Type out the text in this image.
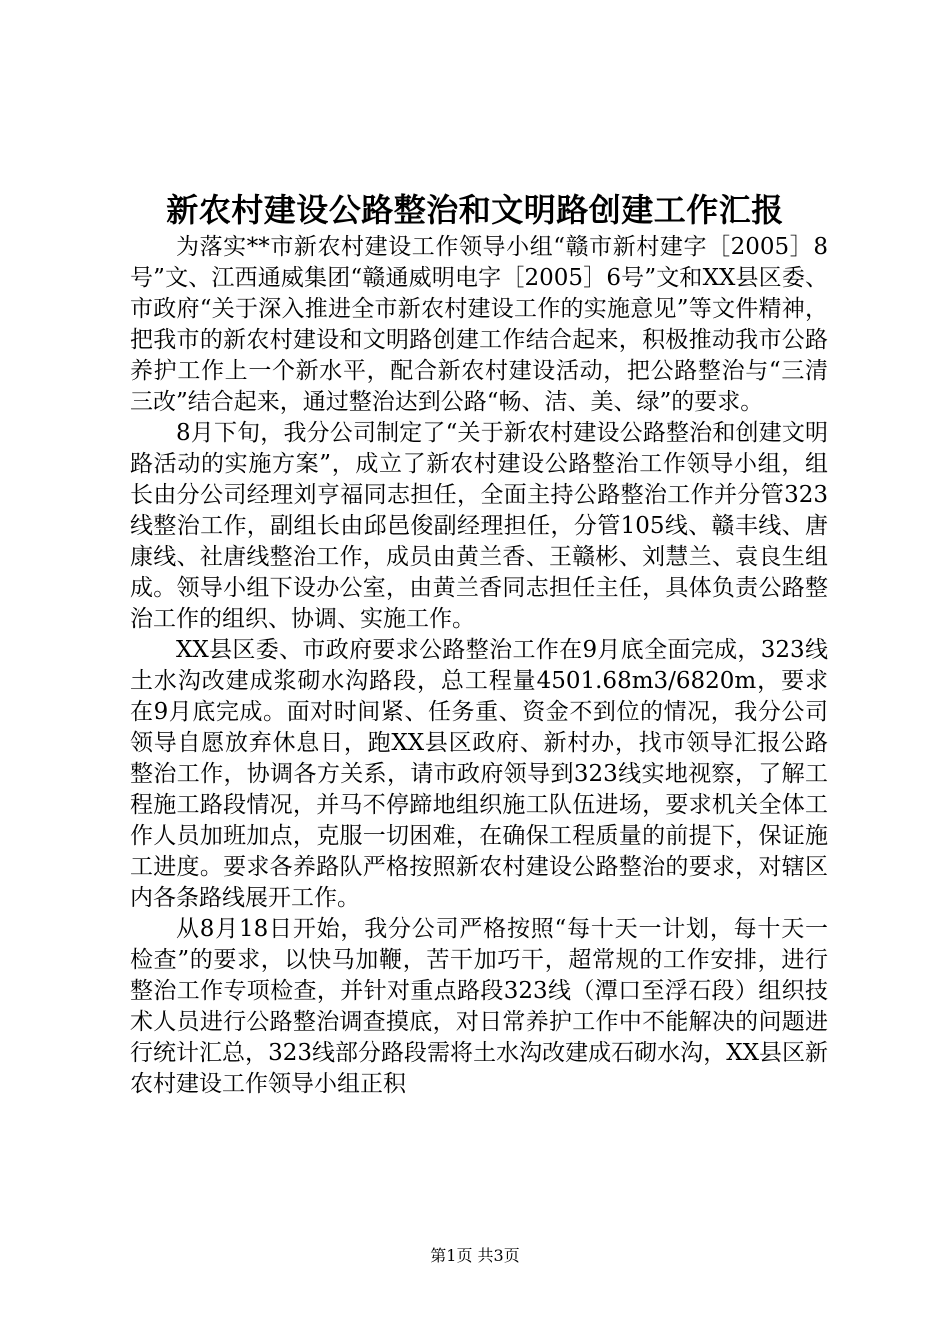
新农村建设公路整治和文明路创建工作汇报

为落实**市新农村建设工作领导小组“赣市新村建字［2005］8号”文、江西通威集团“赣通威明电字［2005］6号”文和XX县区委、市政府“关于深入推进全市新农村建设工作的实施意见”等文件精神，把我市的新农村建设和文明路创建工作结合起来，积极推动我市公路养护工作上一个新水平，配合新农村建设活动，把公路整治与“三清三改”结合起来，通过整治达到公路“畅、洁、美、绿”的要求。

8月下旬，我分公司制定了“关于新农村建设公路整治和创建文明路活动的实施方案”，成立了新农村建设公路整治工作领导小组，组长由分公司经理刘亨福同志担任，全面主持公路整治工作并分管323线整治工作，副组长由邱邑俊副经理担任，分管105线、赣丰线、唐康线、社唐线整治工作，成员由黄兰香、王赣彬、刘慧兰、袁良生组成。领导小组下设办公室，由黄兰香同志担任主任，具体负责公路整治工作的组织、协调、实施工作。

XX县区委、市政府要求公路整治工作在9月底全面完成，323线土水沟改建成浆砌水沟路段，总工程量4501.68m3/6820m，要求在9月底完成。面对时间紧、任务重、资金不到位的情况，我分公司领导自愿放弃休息日，跑XX县区政府、新村办，找市领导汇报公路整治工作，协调各方关系，请市政府领导到323线实地视察，了解工程施工路段情况，并马不停蹄地组织施工队伍进场，要求机关全体工作人员加班加点，克服一切困难，在确保工程质量的前提下，保证施工进度。要求各养路队严格按照新农村建设公路整治的要求，对辖区内各条路线展开工作。

从8月18日开始，我分公司严格按照“每十天一计划，每十天一检查”的要求，以快马加鞭，苦干加巧干，超常规的工作安排，进行整治工作专项检查，并针对重点路段323线（潭口至浮石段）组织技术人员进行公路整治调查摸底，对日常养护工作中不能解决的问题进行统计汇总，323线部分路段需将土水沟改建成石砌水沟，XX县区新农村建设工作领导小组正积

第1页 共3页
